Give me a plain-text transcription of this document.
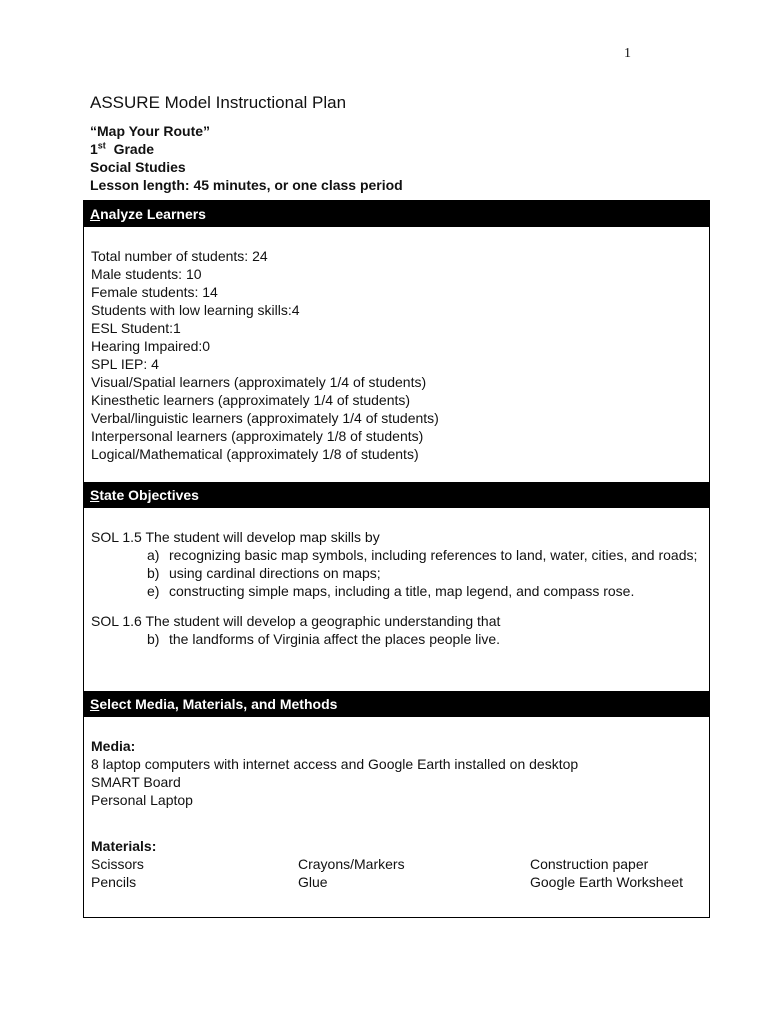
1
ASSURE Model Instructional Plan
“Map Your Route”
1st Grade
Social Studies
Lesson length: 45 minutes, or one class period
Analyze Learners
Total number of students: 24
Male students: 10
Female students: 14
Students with low learning skills:4
ESL Student:1
Hearing Impaired:0
SPL IEP: 4
Visual/Spatial learners (approximately 1/4 of students)
Kinesthetic learners (approximately 1/4 of students)
Verbal/linguistic learners (approximately 1/4 of students)
Interpersonal learners (approximately 1/8 of students)
Logical/Mathematical (approximately 1/8 of students)
State Objectives
SOL 1.5 The student will develop map skills by
a) recognizing basic map symbols, including references to land, water, cities, and roads;
b) using cardinal directions on maps;
e) constructing simple maps, including a title, map legend, and compass rose.
SOL 1.6 The student will develop a geographic understanding that
b) the landforms of Virginia affect the places people live.
Select Media, Materials, and Methods
Media:
8 laptop computers with internet access and Google Earth installed on desktop
SMART Board
Personal Laptop
Materials:
Scissors	Crayons/Markers	Construction paper
Pencils	Glue	Google Earth Worksheet
